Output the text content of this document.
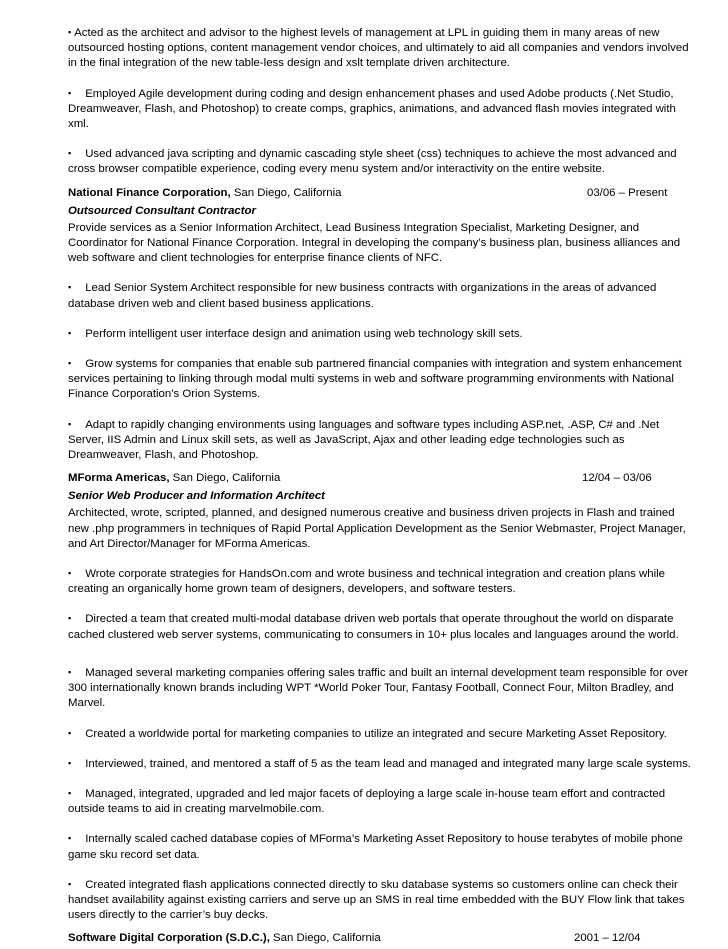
▪ Acted as the architect and advisor to the highest levels of management at LPL in guiding them in many areas of new outsourced hosting options, content management vendor choices, and ultimately to aid all companies and vendors involved in the final integration of the new table-less design and xslt template driven architecture.

▪ Employed Agile development during coding and design enhancement phases and used Adobe products (.Net Studio, Dreamweaver, Flash, and Photoshop) to create comps, graphics, animations, and advanced flash movies integrated with xml.

▪ Used advanced java scripting and dynamic cascading style sheet (css) techniques to achieve the most advanced and cross browser compatible experience, coding every menu system and/or interactivity on the entire website.

National Finance Corporation, San Diego, California	03/06 – Present

Outsourced Consultant Contractor

Provide services as a Senior Information Architect, Lead Business Integration Specialist, Marketing Designer, and Coordinator for National Finance Corporation. Integral in developing the company’s business plan, business alliances and web software and client technologies for enterprise finance clients of NFC.

▪ Lead Senior System Architect responsible for new business contracts with organizations in the areas of advanced database driven web and client based business applications.

▪ Perform intelligent user interface design and animation using web technology skill sets.

▪ Grow systems for companies that enable sub partnered financial companies with integration and system enhancement services pertaining to linking through modal multi systems in web and software programming environments with National Finance Corporation’s Orion Systems.

▪ Adapt to rapidly changing environments using languages and software types including ASP.net, .ASP, C# and .Net Server, IIS Admin and Linux skill sets, as well as JavaScript, Ajax and other leading edge technologies such as Dreamweaver, Flash, and Photoshop.

MForma Americas, San Diego, California	12/04 – 03/06

Senior Web Producer and Information Architect

Architected, wrote, scripted, planned, and designed numerous creative and business driven projects in Flash and trained new .php programmers in techniques of Rapid Portal Application Development as the Senior Webmaster, Project Manager, and Art Director/Manager for MForma Americas.

▪ Wrote corporate strategies for HandsOn.com and wrote business and technical integration and creation plans while creating an organically home grown team of designers, developers, and software testers.

▪ Directed a team that created multi-modal database driven web portals that operate throughout the world on disparate cached clustered web server systems, communicating to consumers in 10+ plus locales and languages around the world.

▪ Managed several marketing companies offering sales traffic and built an internal development team responsible for over 300 internationally known brands including WPT *World Poker Tour, Fantasy Football, Connect Four, Milton Bradley, and Marvel.

▪ Created a worldwide portal for marketing companies to utilize an integrated and secure Marketing Asset Repository.

▪ Interviewed, trained, and mentored a staff of 5 as the team lead and managed and integrated many large scale systems.

▪ Managed, integrated, upgraded and led major facets of deploying a large scale in-house team effort and contracted outside teams to aid in creating marvelmobile.com.

▪ Internally scaled cached database copies of MForma’s Marketing Asset Repository to house terabytes of mobile phone game sku record set data.

▪ Created integrated flash applications connected directly to sku database systems so customers online can check their handset availability against existing carriers and serve up an SMS in real time embedded with the BUY Flow link that takes users directly to the carrier’s buy decks.

Software Digital Corporation (S.D.C.), San Diego, California	2001 – 12/04
